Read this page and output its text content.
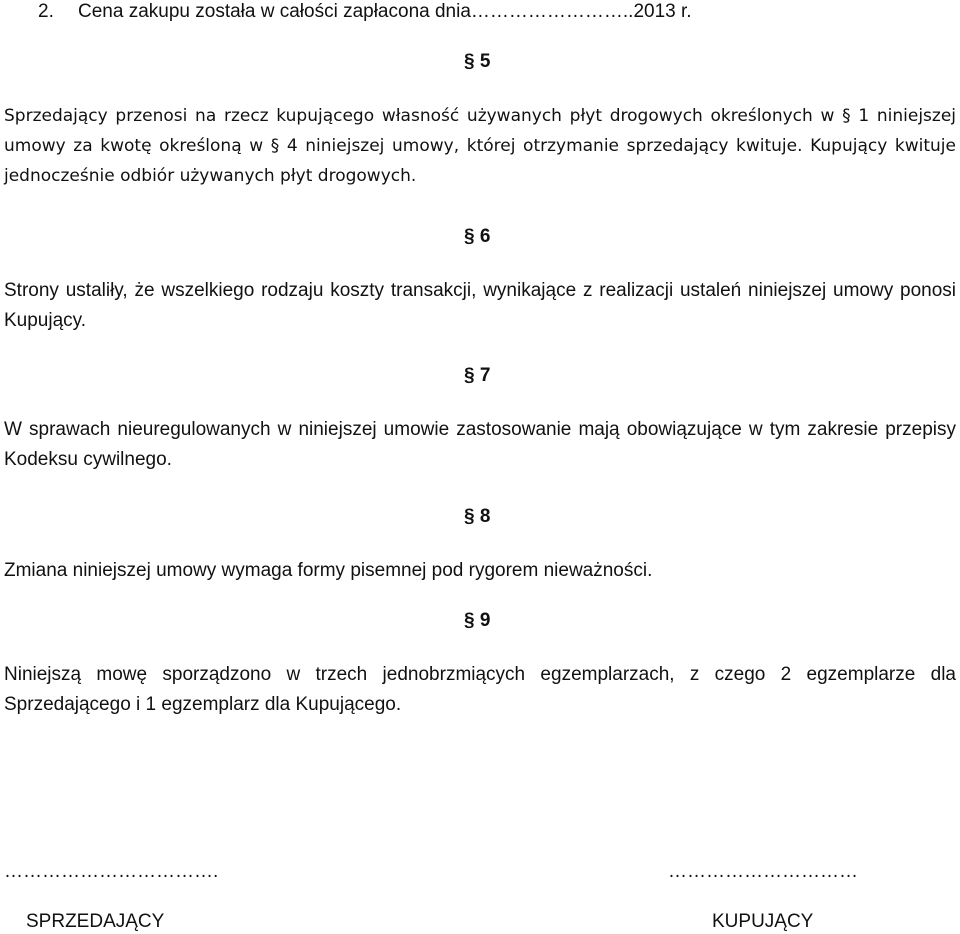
2. Cena zakupu została w całości zapłacona dnia……………………..2013 r.
§ 5
Sprzedający przenosi na rzecz kupującego własność używanych płyt drogowych określonych w § 1 niniejszej umowy za kwotę określoną w § 4 niniejszej umowy, której otrzymanie sprzedający kwituje. Kupujący kwituje jednocześnie odbiór używanych płyt drogowych.
§ 6
Strony ustaliły, że wszelkiego rodzaju koszty transakcji, wynikające z realizacji ustaleń niniejszej umowy ponosi Kupujący.
§ 7
W sprawach nieuregulowanych w niniejszej umowie zastosowanie mają obowiązujące w tym zakresie przepisy Kodeksu cywilnego.
§ 8
Zmiana niniejszej umowy wymaga formy pisemnej pod rygorem nieważności.
§ 9
Niniejszą mowę sporządzono w trzech jednobrzmiących egzemplarzach, z czego 2 egzemplarze dla Sprzedającego i 1 egzemplarz dla Kupującego.
…………………………….	…………………………
SPRZEDAJĄCY	KUPUJĄCY
